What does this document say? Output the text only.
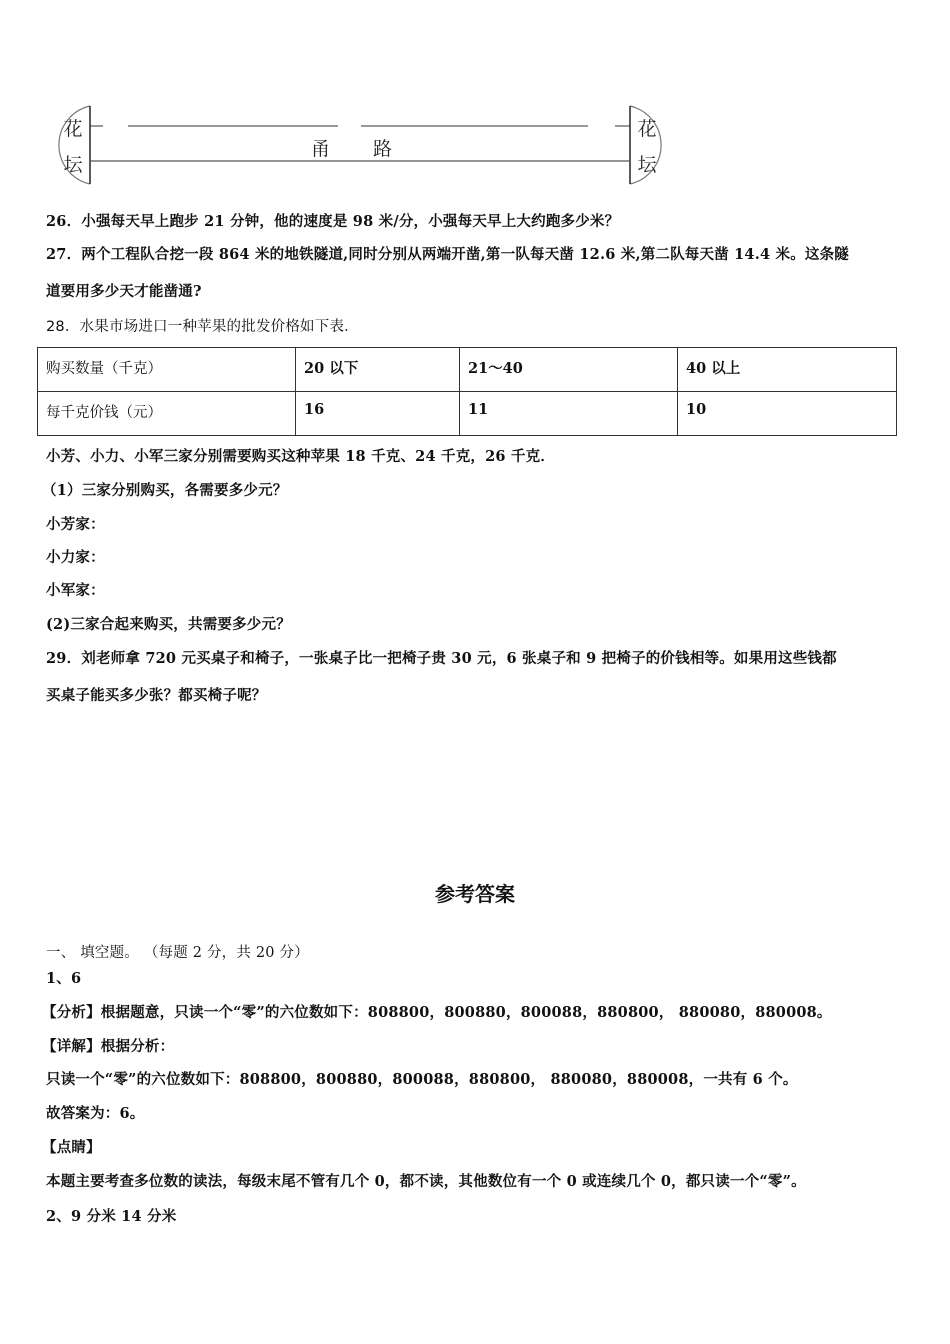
花
坛
花
坛
甬 路
26．小强每天早上跑步 21 分钟，他的速度是 98 米/分，小强每天早上大约跑多少米？
27．两个工程队合挖一段 864 米的地铁隧道,同时分别从两端开凿,第一队每天凿 12.6 米,第二队每天凿 14.4 米。这条隧
道要用多少天才能凿通?
28．水果市场进口一种苹果的批发价格如下表．
购买数量（千克）	20 以下	21～40	40 以上
每千克价钱（元）	16	11	10
小芳、小力、小军三家分别需要购买这种苹果 18 千克、24 千克，26 千克．
（1）三家分别购买，各需要多少元？
小芳家：
小力家：
小军家：
(2)三家合起来购买，共需要多少元？
29．刘老师拿 720 元买桌子和椅子，一张桌子比一把椅子贵 30 元，6 张桌子和 9 把椅子的价钱相等。如果用这些钱都
买桌子能买多少张？都买椅子呢？
参考答案
一、 填空题。 （每题 2 分，共 20 分）
1、6
【分析】根据题意，只读一个“零”的六位数如下：808800，800880，800088，880800， 880080，880008。
【详解】根据分析：
只读一个“零”的六位数如下：808800，800880，800088，880800， 880080，880008，一共有 6 个。
故答案为：6。
【点睛】
本题主要考查多位数的读法，每级末尾不管有几个 0，都不读，其他数位有一个 0 或连续几个 0，都只读一个“零”。
2、9 分米 14 分米
